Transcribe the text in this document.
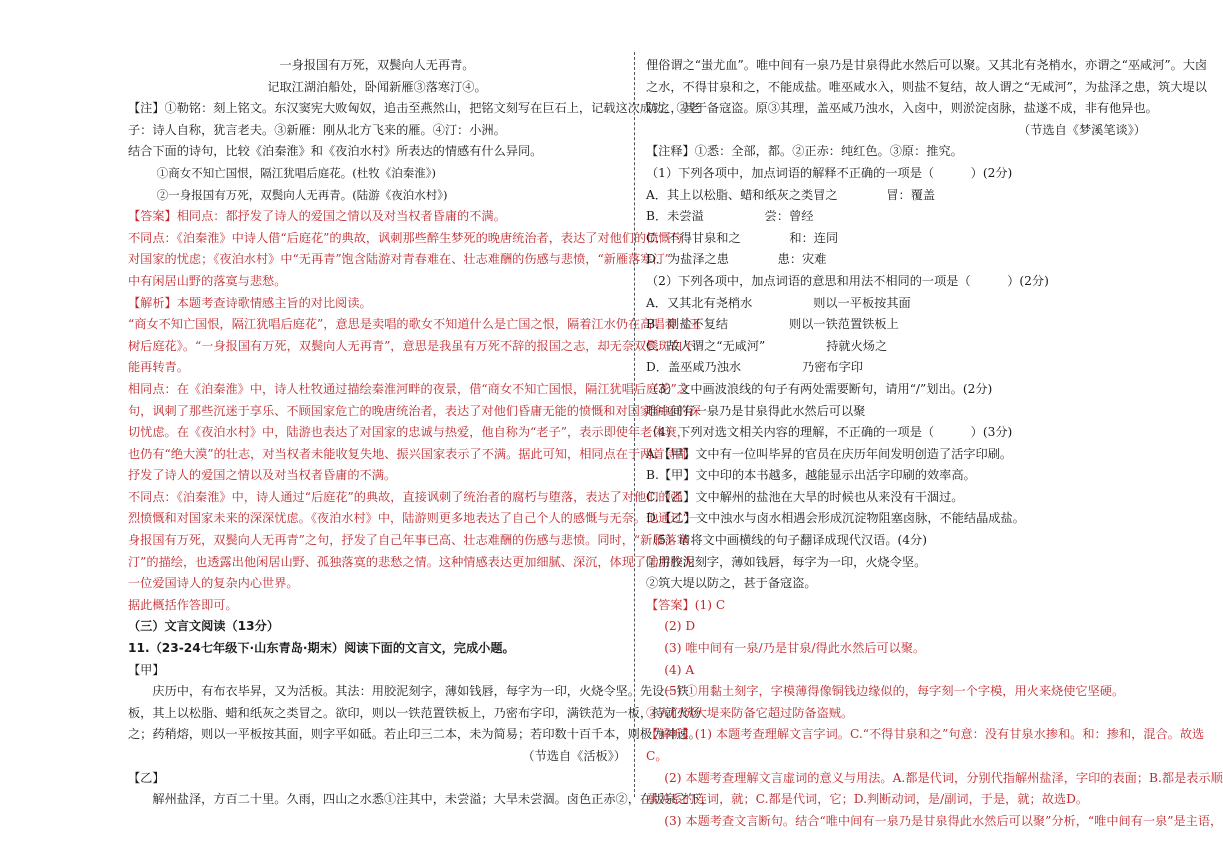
一身报国有万死，双鬓向人无再青。
记取江湖泊船处，卧闻新雁③落寒汀④。
【注】①勒铭：刻上铭文。东汉窦宪大败匈奴，追击至燕然山，把铭文刻写在巨石上，记载这次成功。②老
子：诗人自称，犹言老夫。③新雁：刚从北方飞来的雁。④汀：小洲。
结合下面的诗句，比较《泊秦淮》和《夜泊水村》所表达的情感有什么异同。
①商女不知亡国恨，隔江犹唱后庭花。(杜牧《泊秦淮》)
②一身报国有万死，双鬓向人无再青。(陆游《夜泊水村》)
【答案】相同点：都抒发了诗人的爱国之情以及对当权者昏庸的不满。
不同点：《泊秦淮》中诗人借“后庭花”的典故，讽刺那些醉生梦死的晚唐统治者，表达了对他们的愤慨与
对国家的忧虑；《夜泊水村》中“无再青”饱含陆游对青春难在、壮志难酬的伤感与悲愤，“新雁落寒汀”
中有闲居山野的落寞与悲愁。
【解析】本题考查诗歌情感主旨的对比阅读。
“商女不知亡国恨，隔江犹唱后庭花”，意思是卖唱的歌女不知道什么是亡国之恨，隔着江水仍在高唱着《玉
树后庭花》。“一身报国有万死，双鬓向人无再青”，意思是我虽有万死不辞的报国之志，却无奈双鬓斑白不
能再转青。
相同点：在《泊秦淮》中，诗人杜牧通过描绘秦淮河畔的夜景，借“商女不知亡国恨，隔江犹唱后庭花”之
句，讽刺了那些沉迷于享乐、不顾国家危亡的晚唐统治者，表达了对他们昏庸无能的愤慨和对国家命运的深
切忧虑。在《夜泊水村》中，陆游也表达了对国家的忠诚与热爱，他自称为“老子”，表示即使年老体衰，
也仍有“绝大漠”的壮志，对当权者未能收复失地、振兴国家表示了不满。据此可知，相同点在于两首诗都
抒发了诗人的爱国之情以及对当权者昏庸的不满。
不同点：《泊秦淮》中，诗人通过“后庭花”的典故，直接讽刺了统治者的腐朽与堕落，表达了对他们的强
烈愤慨和对国家未来的深深忧虑。《夜泊水村》中，陆游则更多地表达了自己个人的感慨与无奈。他通过“一
身报国有万死，双鬓向人无再青”之句，抒发了自己年事已高、壮志难酬的伤感与悲愤。同时，“新雁落寒
汀”的描绘，也透露出他闲居山野、孤独落寞的悲愁之情。这种情感表达更加细腻、深沉，体现了陆游作为
一位爱国诗人的复杂内心世界。
据此概括作答即可。
（三）文言文阅读（13分）
11.（23-24七年级下·山东青岛·期末）阅读下面的文言文，完成小题。
【甲】
庆历中，有布衣毕昇，又为活板。其法：用胶泥刻字，薄如钱唇，每字为一印，火烧令坚。先设一铁
板，其上以松脂、蜡和纸灰之类冒之。欲印，则以一铁范置铁板上，乃密布字印，满铁范为一板，持就火炀
之；药稍熔，则以一平板按其面，则字平如砥。若止印三二本，未为简易；若印数十百千本，则极为神速。
（节选自《活板》）
【乙】
解州盐泽，方百二十里。久雨，四山之水悉①注其中，未尝溢；大旱未尝涸。卤色正赤②，在版泉之下，
俚俗谓之“蚩尤血”。唯中间有一泉乃是甘泉得此水然后可以聚。又其北有尧梢水，亦谓之“巫咸河”。大卤
之水，不得甘泉和之，不能成盐。唯巫咸水入，则盐不复结，故人谓之“无咸河”，为盐泽之患，筑大堤以
防之，甚于备寇盗。原③其理，盖巫咸乃浊水，入卤中，则淤淀卤脉，盐遂不成，非有他异也。
（节选自《梦溪笔谈》）
【注释】①悉：全部，都。②正赤：纯红色。③原：推究。
（1）下列各项中，加点词语的解释不正确的一项是（　　　）(2分)
A．其上以松脂、蜡和纸灰之类冒之　　　　冒：覆盖
B．未尝溢　　　　　尝：曾经
C．不得甘泉和之　　　　和：连同
D．为盐泽之患　　　　患：灾难
（2）下列各项中，加点词语的意思和用法不相同的一项是（　　　）(2分)
A．又其北有尧梢水　　　　　则以一平板按其面
B．则盐不复结　　　　　则以一铁范置铁板上
C．故人谓之“无咸河”　　　　　持就火炀之
D．盖巫咸乃浊水　　　　　乃密布字印
（3）文中画波浪线的句子有两处需要断句，请用“/”划出。(2分)
唯中间有一泉乃是甘泉得此水然后可以聚
（4）下列对选文相关内容的理解，不正确的一项是（　　　）(3分)
A.【甲】文中有一位叫毕昇的官员在庆历年间发明创造了活字印刷。
B.【甲】文中印的本书越多，越能显示出活字印刷的效率高。
C.【乙】文中解州的盐池在大旱的时候也从来没有干涸过。
D.【乙】文中浊水与卤水相遇会形成沉淀物阻塞卤脉，不能结晶成盐。
（5）请将文中画横线的句子翻译成现代汉语。(4分)
①用胶泥刻字，薄如钱唇，每字为一印，火烧令坚。
②筑大堤以防之，甚于备寇盗。
【答案】(1) C
(2) D
(3) 唯中间有一泉/乃是甘泉/得此水然后可以聚。
(4) A
(5) ①用黏土刻字，字模薄得像铜钱边缘似的，每字刻一个字模，用火来烧使它坚硬。
②人们筑大堤来防备它超过防备盗贼。
【解析】(1) 本题考查理解文言字词。C.“不得甘泉和之”句意：没有甘泉水掺和。和：掺和，混合。故选
C。
(2) 本题考查理解文言虚词的意义与用法。A.都是代词，分别代指解州盐泽，字印的表面；B.都是表示顺
承关系的连词，就；C.都是代词，它；D.判断动词，是/副词，于是，就；故选D。
(3) 本题考查文言断句。结合“唯中间有一泉乃是甘泉得此水然后可以聚”分析，“唯中间有一泉”是主语，
